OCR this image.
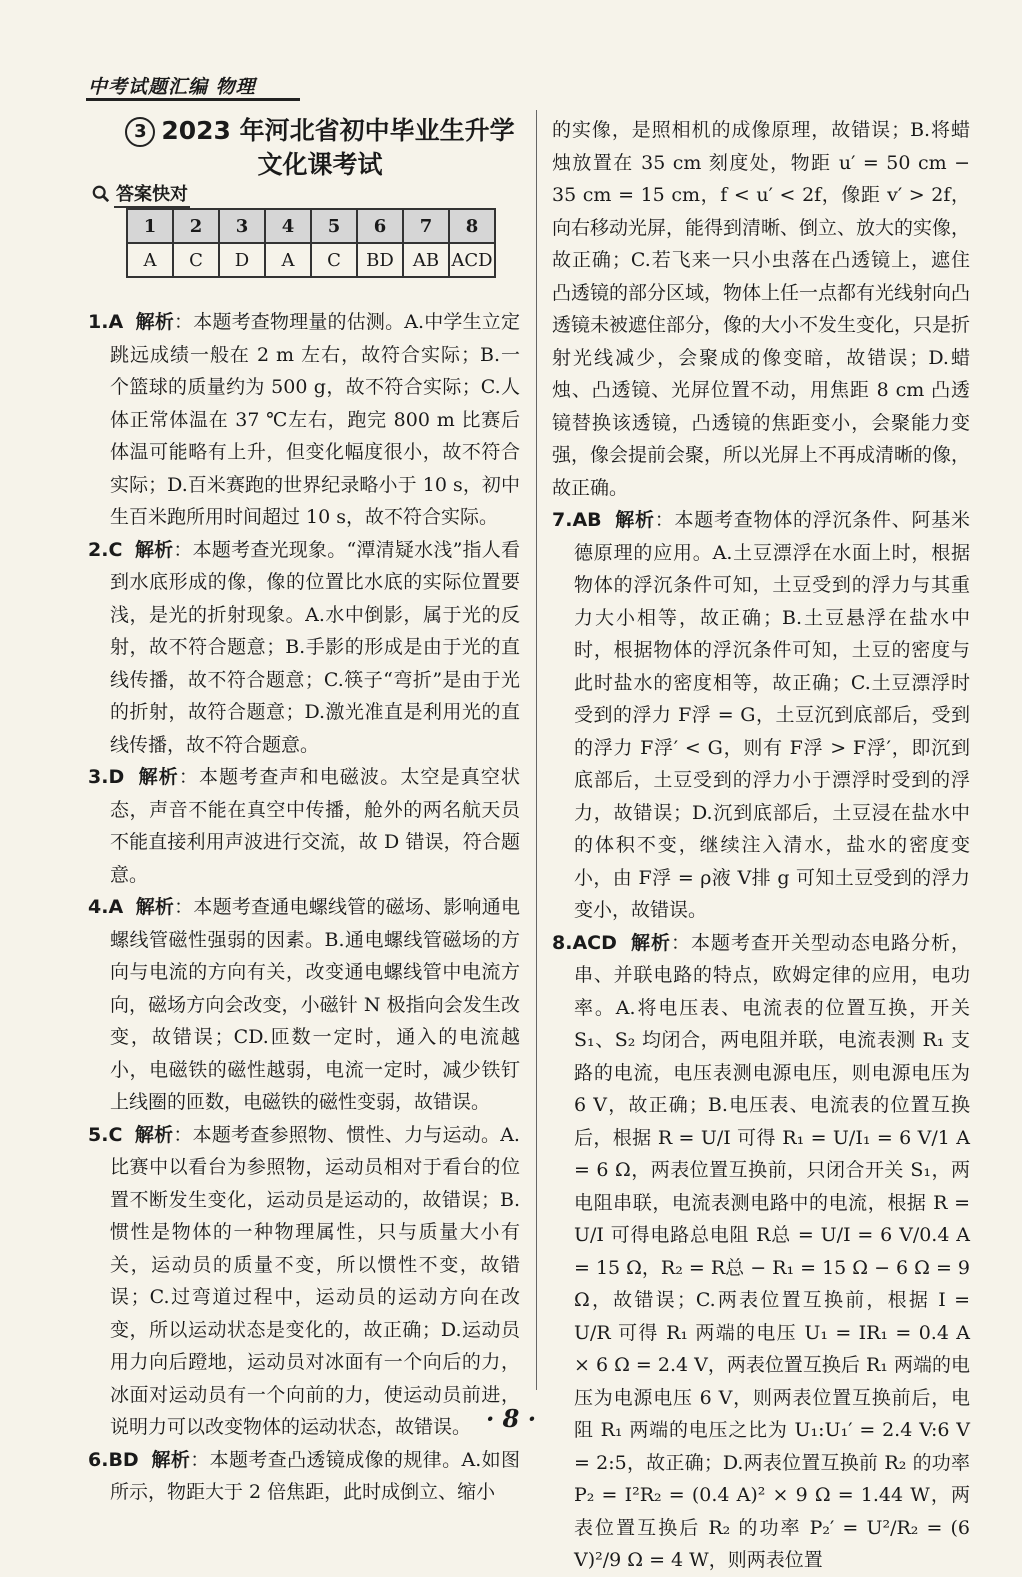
中考试题汇编 物理
3 2023 年河北省初中毕业生升学
文化课考试
答案快对
1	2	3	4	5	6	7	8
A	C	D	A	C	BD	AB	ACD

1.A 解析：本题考查物理量的估测。A.中学生立定跳远成绩一般在 2 m 左右，故符合实际；B.一个篮球的质量约为 500 g，故不符合实际；C.人体正常体温在 37 ℃左右，跑完 800 m 比赛后体温可能略有上升，但变化幅度很小，故不符合实际；D.百米赛跑的世界纪录略小于 10 s，初中生百米跑所用时间超过 10 s，故不符合实际。

2.C 解析：本题考查光现象。“潭清疑水浅”指人看到水底形成的像，像的位置比水底的实际位置要浅，是光的折射现象。A.水中倒影，属于光的反射，故不符合题意；B.手影的形成是由于光的直线传播，故不符合题意；C.筷子“弯折”是由于光的折射，故符合题意；D.激光准直是利用光的直线传播，故不符合题意。

3.D 解析：本题考查声和电磁波。太空是真空状态，声音不能在真空中传播，舱外的两名航天员不能直接利用声波进行交流，故 D 错误，符合题意。

4.A 解析：本题考查通电螺线管的磁场、影响通电螺线管磁性强弱的因素。B.通电螺线管磁场的方向与电流的方向有关，改变通电螺线管中电流方向，磁场方向会改变，小磁针 N 极指向会发生改变，故错误；CD.匝数一定时，通入的电流越小，电磁铁的磁性越弱，电流一定时，减少铁钉上线圈的匝数，电磁铁的磁性变弱，故错误。

5.C 解析：本题考查参照物、惯性、力与运动。A.比赛中以看台为参照物，运动员相对于看台的位置不断发生变化，运动员是运动的，故错误；B.惯性是物体的一种物理属性，只与质量大小有关，运动员的质量不变，所以惯性不变，故错误；C.过弯道过程中，运动员的运动方向在改变，所以运动状态是变化的，故正确；D.运动员用力向后蹬地，运动员对冰面有一个向后的力，冰面对运动员有一个向前的力，使运动员前进，说明力可以改变物体的运动状态，故错误。

6.BD 解析：本题考查凸透镜成像的规律。A.如图所示，物距大于 2 倍焦距，此时成倒立、缩小

的实像，是照相机的成像原理，故错误；B.将蜡烛放置在 35 cm 刻度处，物距 u′ = 50 cm − 35 cm = 15 cm，f < u′ < 2f，像距 v′ > 2f，向右移动光屏，能得到清晰、倒立、放大的实像，故正确；C.若飞来一只小虫落在凸透镜上，遮住凸透镜的部分区域，物体上任一点都有光线射向凸透镜未被遮住部分，像的大小不发生变化，只是折射光线减少，会聚成的像变暗，故错误；D.蜡烛、凸透镜、光屏位置不动，用焦距 8 cm 凸透镜替换该透镜，凸透镜的焦距变小，会聚能力变强，像会提前会聚，所以光屏上不再成清晰的像，故正确。

7.AB 解析：本题考查物体的浮沉条件、阿基米德原理的应用。A.土豆漂浮在水面上时，根据物体的浮沉条件可知，土豆受到的浮力与其重力大小相等，故正确；B.土豆悬浮在盐水中时，根据物体的浮沉条件可知，土豆的密度与此时盐水的密度相等，故正确；C.土豆漂浮时受到的浮力 F浮 = G，土豆沉到底部后，受到的浮力 F浮′ < G，则有 F浮 > F浮′，即沉到底部后，土豆受到的浮力小于漂浮时受到的浮力，故错误；D.沉到底部后，土豆浸在盐水中的体积不变，继续注入清水，盐水的密度变小，由 F浮 = ρ液 V排 g 可知土豆受到的浮力变小，故错误。

8.ACD 解析：本题考查开关型动态电路分析，串、并联电路的特点，欧姆定律的应用，电功率。A.将电压表、电流表的位置互换，开关 S₁、S₂ 均闭合，两电阻并联，电流表测 R₁ 支路的电流，电压表测电源电压，则电源电压为 6 V，故正确；B.电压表、电流表的位置互换后，根据 R = U/I 可得 R₁ = U/I₁ = 6 V/1 A = 6 Ω，两表位置互换前，只闭合开关 S₁，两电阻串联，电流表测电路中的电流，根据 R = U/I 可得电路总电阻 R总 = U/I = 6 V/0.4 A = 15 Ω，R₂ = R总 − R₁ = 15 Ω − 6 Ω = 9 Ω，故错误；C.两表位置互换前，根据 I = U/R 可得 R₁ 两端的电压 U₁ = IR₁ = 0.4 A × 6 Ω = 2.4 V，两表位置互换后 R₁ 两端的电压为电源电压 6 V，则两表位置互换前后，电阻 R₁ 两端的电压之比为 U₁:U₁′ = 2.4 V:6 V = 2:5，故正确；D.两表位置互换前 R₂ 的功率 P₂ = I²R₂ = (0.4 A)² × 9 Ω = 1.44 W，两表位置互换后 R₂ 的功率 P₂′ = U²/R₂ = (6 V)²/9 Ω = 4 W，则两表位置

· 8 ·
